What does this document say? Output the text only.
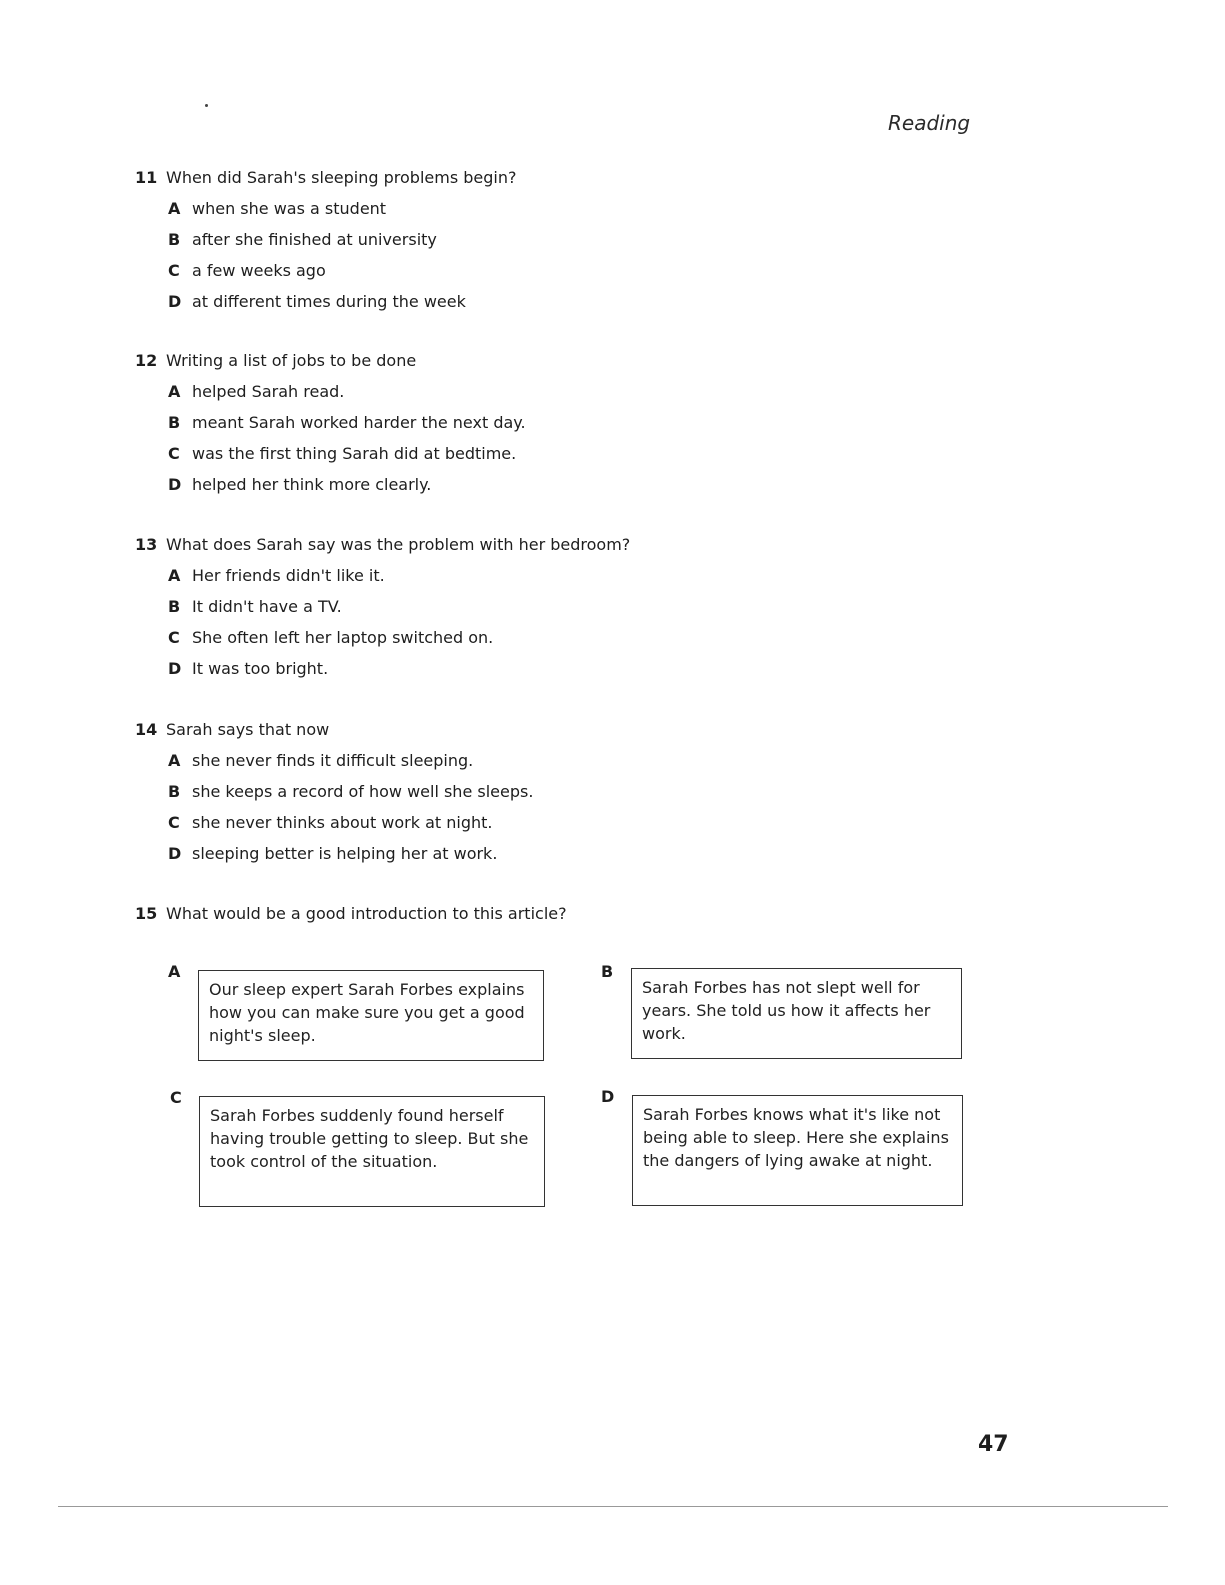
Reading
11 When did Sarah's sleeping problems begin?
A when she was a student
B after she finished at university
C a few weeks ago
D at different times during the week
12 Writing a list of jobs to be done
A helped Sarah read.
B meant Sarah worked harder the next day.
C was the first thing Sarah did at bedtime.
D helped her think more clearly.
13 What does Sarah say was the problem with her bedroom?
A Her friends didn't like it.
B It didn't have a TV.
C She often left her laptop switched on.
D It was too bright.
14 Sarah says that now
A she never finds it difficult sleeping.
B she keeps a record of how well she sleeps.
C she never thinks about work at night.
D sleeping better is helping her at work.
15 What would be a good introduction to this article?
A
Our sleep expert Sarah Forbes explains how you can make sure you get a good night's sleep.
B
Sarah Forbes has not slept well for years. She told us how it affects her work.
C
Sarah Forbes suddenly found herself having trouble getting to sleep. But she took control of the situation.
D
Sarah Forbes knows what it's like not being able to sleep. Here she explains the dangers of lying awake at night.
47
